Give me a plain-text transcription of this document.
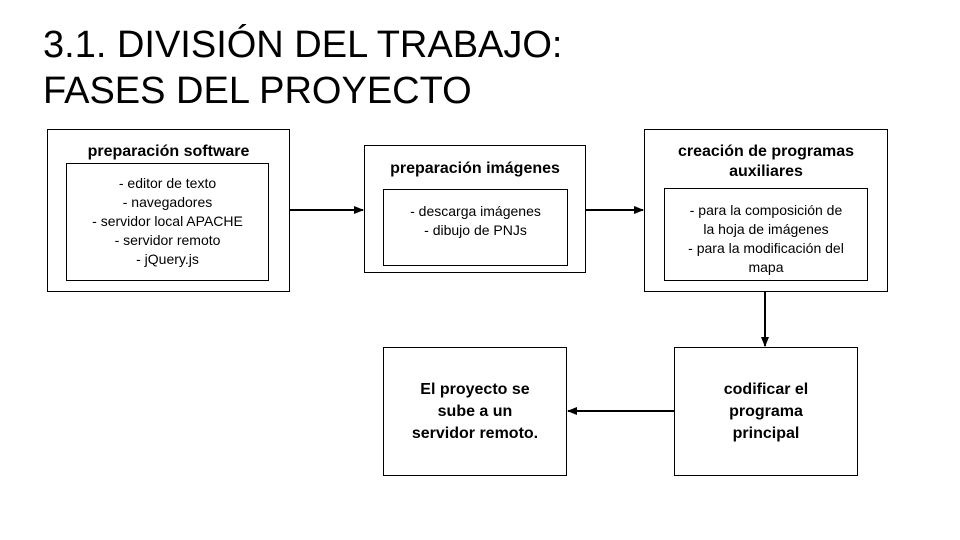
3.1. DIVISIÓN DEL TRABAJO:
FASES DEL PROYECTO
preparación software
- editor de texto
- navegadores
- servidor local APACHE
- servidor remoto
- jQuery.js
preparación imágenes
- descarga imágenes
- dibujo de PNJs
creación de programas
auxiliares
- para la composición de
la hoja de imágenes
- para la modificación del
mapa
codificar el
programa
principal
El proyecto se
sube a un
servidor remoto.
